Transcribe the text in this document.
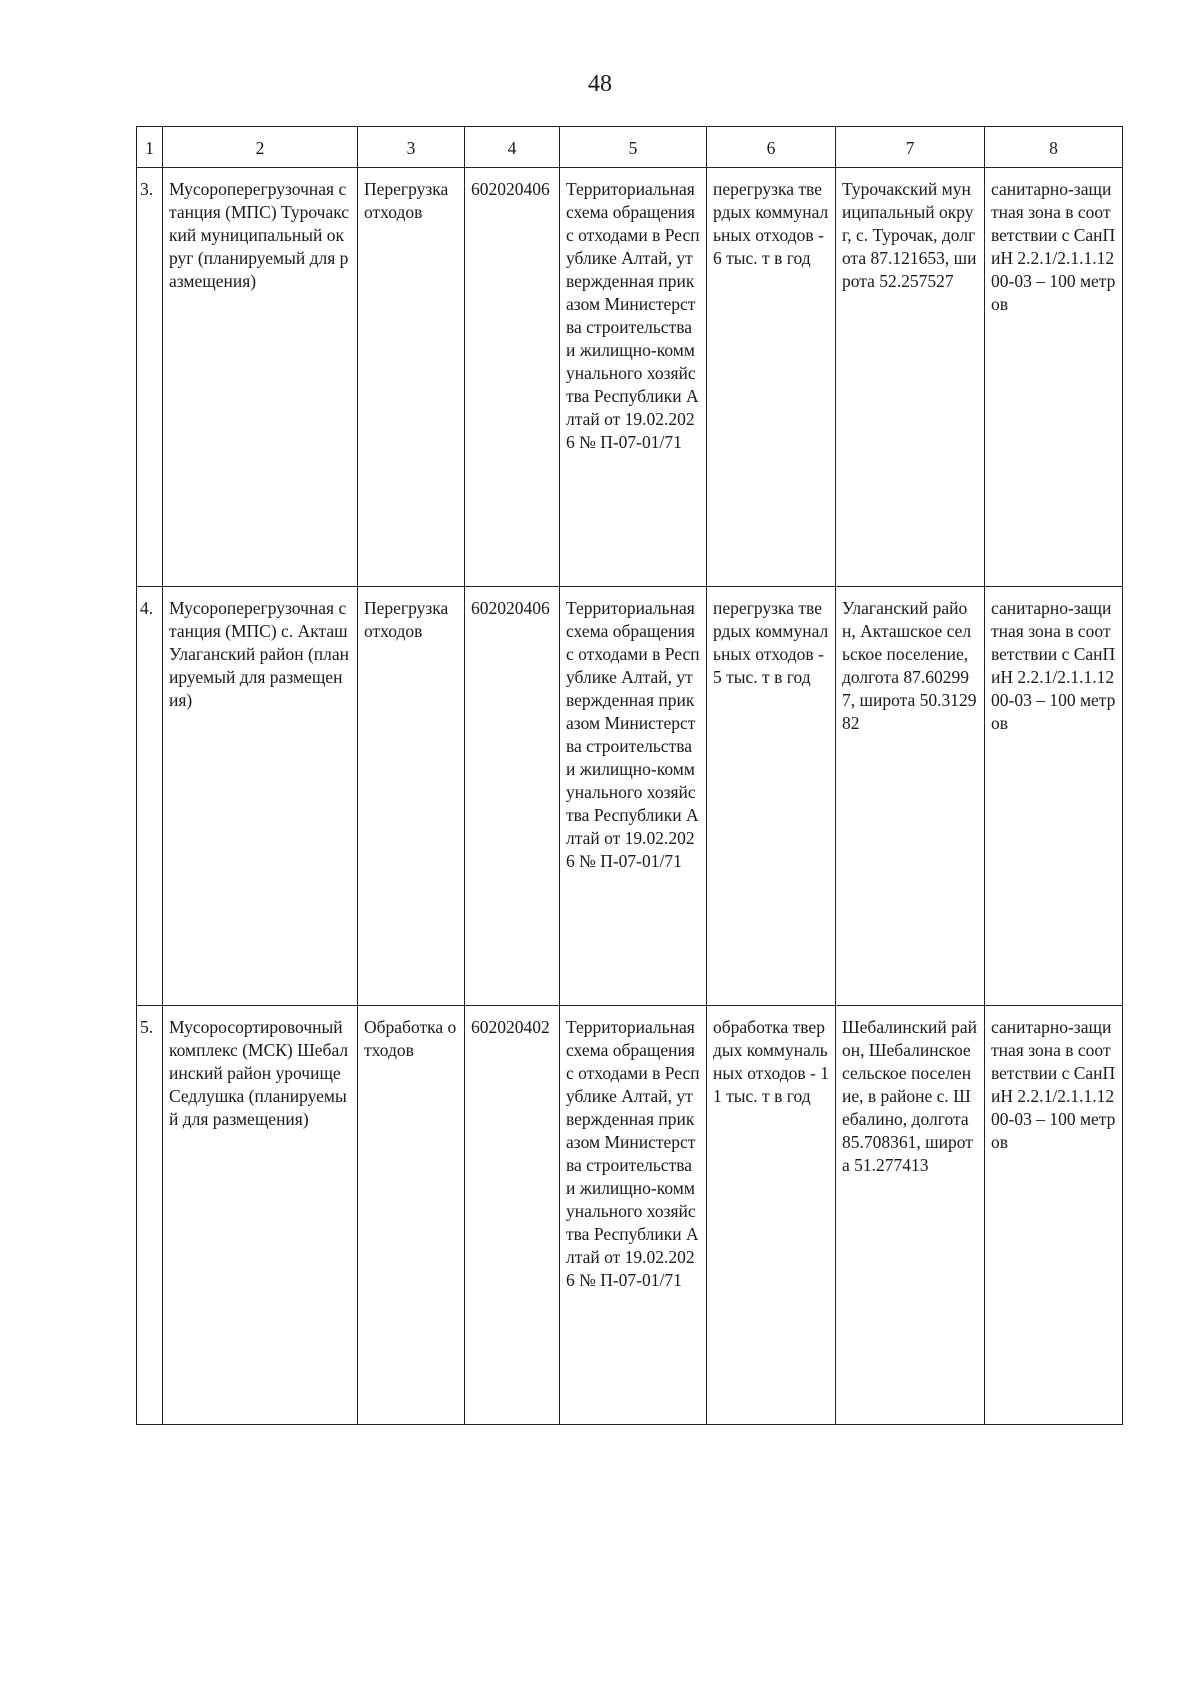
48
1	2	3	4	5	6	7	8
3.	Мусороперегрузочная станция (МПС) Турочакский муниципальный округ (планируемый для размещения)	Перегрузка отходов	602020406	Территориальная схема обращения с отходами в Республике Алтай, утвержденная приказом Министерства строительства и жилищно-коммунального хозяйства Республики Алтай от 19.02.2026 № П-07-01/71	перегрузка твердых коммунальных отходов - 6 тыс. т в год	Турочакский муниципальный округ, с. Турочак, долгота 87.121653, широта 52.257527	санитарно-защитная зона в соответствии с СанПиН 2.2.1/2.1.1.1200-03 – 100 метров
4.	Мусороперегрузочная станция (МПС) с. Акташ Улаганский район (планируемый для размещения)	Перегрузка отходов	602020406	Территориальная схема обращения с отходами в Республике Алтай, утвержденная приказом Министерства строительства и жилищно-коммунального хозяйства Республики Алтай от 19.02.2026 № П-07-01/71	перегрузка твердых коммунальных отходов - 5 тыс. т в год	Улаганский район, Акташское сельское поселение, долгота 87.602997, широта 50.312982	санитарно-защитная зона в соответствии с СанПиН 2.2.1/2.1.1.1200-03 – 100 метров
5.	Мусоросортировочный комплекс (МСК) Шебалинский район урочище Седлушка (планируемый для размещения)	Обработка отходов	602020402	Территориальная схема обращения с отходами в Республике Алтай, утвержденная приказом Министерства строительства и жилищно-коммунального хозяйства Республики Алтай от 19.02.2026 № П-07-01/71	обработка твердых коммунальных отходов - 11 тыс. т в год	Шебалинский район, Шебалинское сельское поселение, в районе с. Шебалино, долгота 85.708361, широта 51.277413	санитарно-защитная зона в соответствии с СанПиН 2.2.1/2.1.1.1200-03 – 100 метров
